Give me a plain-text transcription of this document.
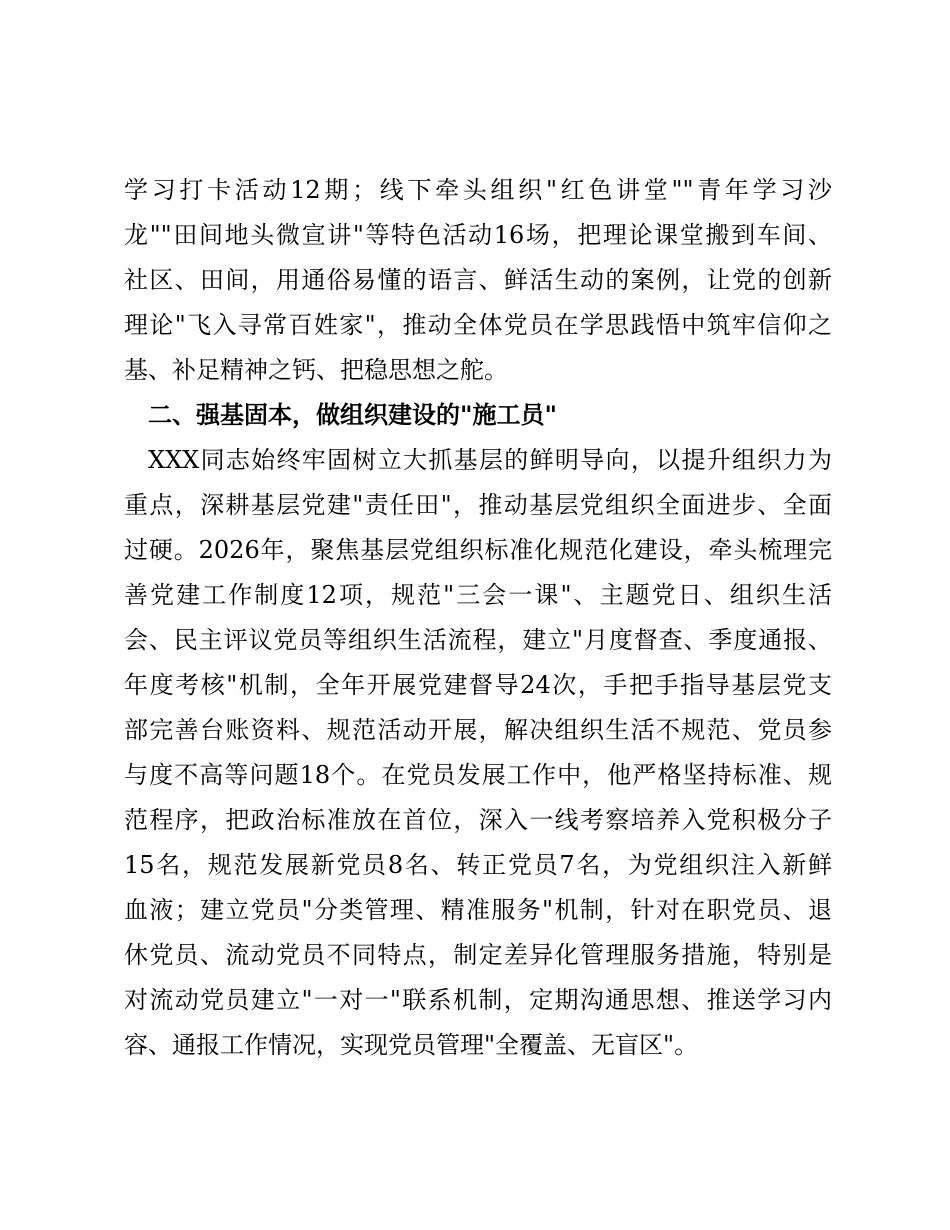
学习打卡活动12期；线下牵头组织"红色讲堂""青年学习沙
龙""田间地头微宣讲"等特色活动16场，把理论课堂搬到车间、
社区、田间，用通俗易懂的语言、鲜活生动的案例，让党的创新
理论"飞入寻常百姓家"，推动全体党员在学思践悟中筑牢信仰之
基、补足精神之钙、把稳思想之舵。
二、强基固本，做组织建设的"施工员"
XXX同志始终牢固树立大抓基层的鲜明导向，以提升组织力为
重点，深耕基层党建"责任田"，推动基层党组织全面进步、全面
过硬。2026年，聚焦基层党组织标准化规范化建设，牵头梳理完
善党建工作制度12项，规范"三会一课"、主题党日、组织生活
会、民主评议党员等组织生活流程，建立"月度督查、季度通报、
年度考核"机制，全年开展党建督导24次，手把手指导基层党支
部完善台账资料、规范活动开展，解决组织生活不规范、党员参
与度不高等问题18个。在党员发展工作中，他严格坚持标准、规
范程序，把政治标准放在首位，深入一线考察培养入党积极分子
15名，规范发展新党员8名、转正党员7名，为党组织注入新鲜
血液；建立党员"分类管理、精准服务"机制，针对在职党员、退
休党员、流动党员不同特点，制定差异化管理服务措施，特别是
对流动党员建立"一对一"联系机制，定期沟通思想、推送学习内
容、通报工作情况，实现党员管理"全覆盖、无盲区"。
